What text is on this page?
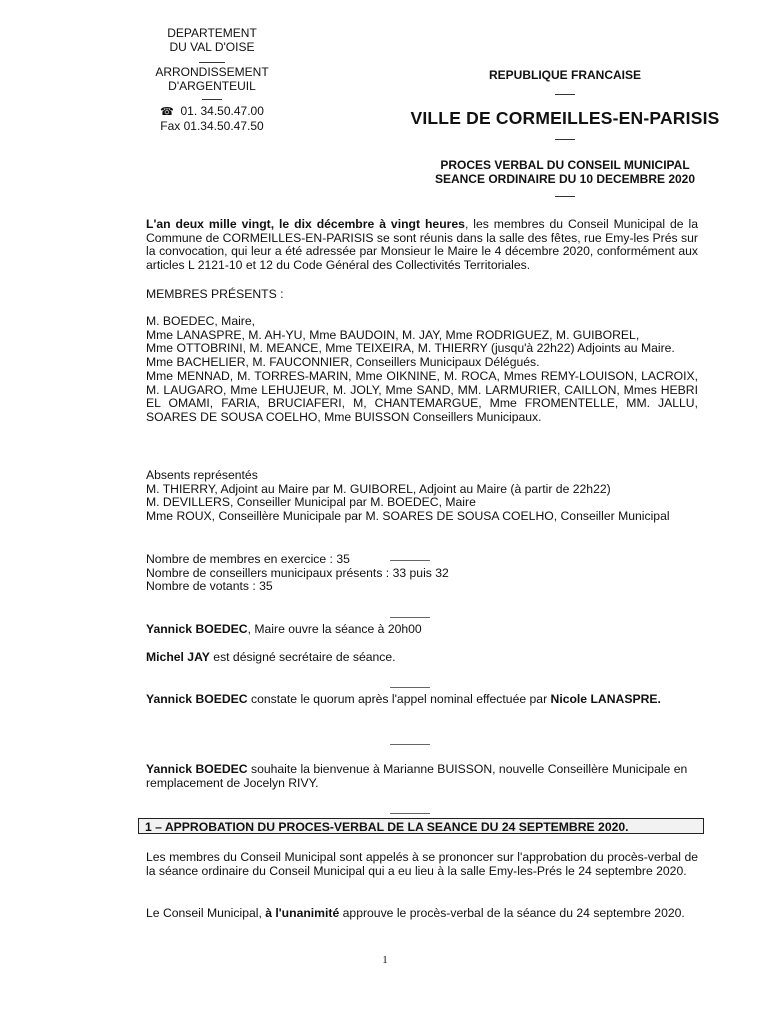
DEPARTEMENT
DU VAL D'OISE
ARRONDISSEMENT
D'ARGENTEUIL
☎ 01. 34.50.47.00
Fax 01.34.50.47.50
REPUBLIQUE FRANCAISE
VILLE DE CORMEILLES-EN-PARISIS
PROCES VERBAL DU CONSEIL MUNICIPAL
SEANCE ORDINAIRE DU 10 DECEMBRE 2020

L'an deux mille vingt, le dix décembre à vingt heures, les membres du Conseil Municipal de la Commune de CORMEILLES-EN-PARISIS se sont réunis dans la salle des fêtes, rue Emy-les Prés sur la convocation, qui leur a été adressée par Monsieur le Maire le 4 décembre 2020, conformément aux articles L 2121-10 et 12 du Code Général des Collectivités Territoriales.

MEMBRES PRÉSENTS :

M. BOEDEC, Maire,

Mme LANASPRE, M. AH-YU, Mme BAUDOIN, M. JAY, Mme RODRIGUEZ, M. GUIBOREL,

Mme OTTOBRINI, M. MEANCE, Mme TEIXEIRA, M. THIERRY (jusqu'à 22h22) Adjoints au Maire.

Mme BACHELIER, M. FAUCONNIER, Conseillers Municipaux Délégués.

Mme MENNAD, M. TORRES-MARIN, Mme OIKNINE, M. ROCA, Mmes REMY-LOUISON, LACROIX, M. LAUGARO, Mme LEHUJEUR, M. JOLY, Mme SAND, MM. LARMURIER, CAILLON, Mmes HEBRI EL OMAMI, FARIA, BRUCIAFERI, M, CHANTEMARGUE, Mme FROMENTELLE, MM. JALLU, SOARES DE SOUSA COELHO, Mme BUISSON Conseillers Municipaux.

Absents représentés

M. THIERRY, Adjoint au Maire par M. GUIBOREL, Adjoint au Maire (à partir de 22h22)

M. DEVILLERS, Conseiller Municipal par M. BOEDEC, Maire

Mme ROUX, Conseillère Municipale par M. SOARES DE SOUSA COELHO, Conseiller Municipal

Nombre de membres en exercice : 35

Nombre de conseillers municipaux présents : 33 puis 32

Nombre de votants : 35

Yannick BOEDEC, Maire ouvre la séance à 20h00

Michel JAY est désigné secrétaire de séance.

Yannick BOEDEC constate le quorum après l'appel nominal effectuée par Nicole LANASPRE.

Yannick BOEDEC souhaite la bienvenue à Marianne BUISSON, nouvelle Conseillère Municipale en remplacement de Jocelyn RIVY.

1 – APPROBATION DU PROCES-VERBAL DE LA SEANCE DU 24 SEPTEMBRE 2020.

Les membres du Conseil Municipal sont appelés à se prononcer sur l'approbation du procès-verbal de la séance ordinaire du Conseil Municipal qui a eu lieu à la salle Emy-les-Prés le 24 septembre 2020.

Le Conseil Municipal, à l'unanimité approuve le procès-verbal de la séance du 24 septembre 2020.

1
